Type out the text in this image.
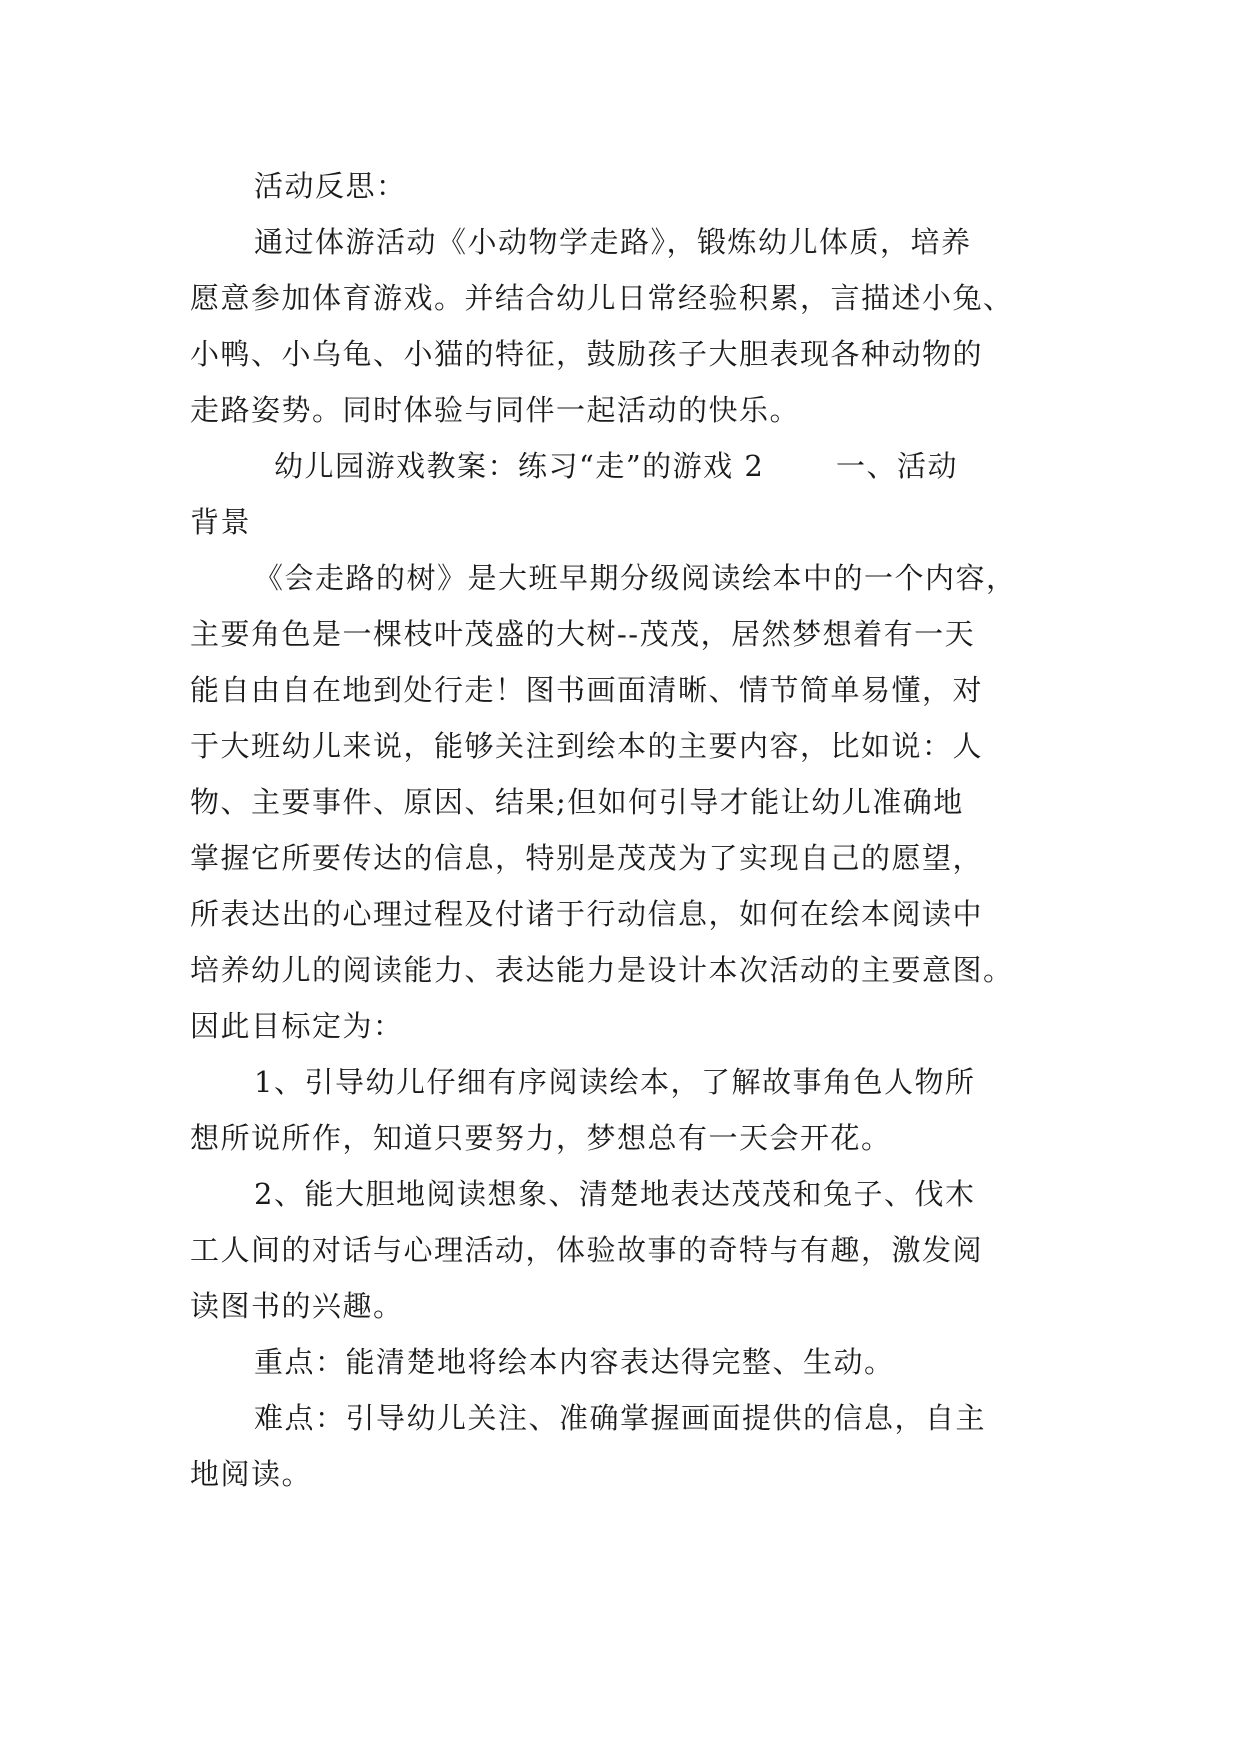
活动反思：
通过体游活动《小动物学走路》，锻炼幼儿体质，培养
愿意参加体育游戏。并结合幼儿日常经验积累，言描述小兔、
小鸭、小乌龟、小猫的特征，鼓励孩子大胆表现各种动物的
走路姿势。同时体验与同伴一起活动的快乐。
幼儿园游戏教案：练习“走”的游戏 2　　 一、活动
背景
《会走路的树》是大班早期分级阅读绘本中的一个内容，
主要角色是一棵枝叶茂盛的大树--茂茂，居然梦想着有一天
能自由自在地到处行走！图书画面清晰、情节简单易懂，对
于大班幼儿来说，能够关注到绘本的主要内容，比如说：人
物、主要事件、原因、结果;但如何引导才能让幼儿准确地
掌握它所要传达的信息，特别是茂茂为了实现自己的愿望，
所表达出的心理过程及付诸于行动信息，如何在绘本阅读中
培养幼儿的阅读能力、表达能力是设计本次活动的主要意图。
因此目标定为：
1、引导幼儿仔细有序阅读绘本，了解故事角色人物所
想所说所作，知道只要努力，梦想总有一天会开花。
2、能大胆地阅读想象、清楚地表达茂茂和兔子、伐木
工人间的对话与心理活动，体验故事的奇特与有趣，激发阅
读图书的兴趣。
重点：能清楚地将绘本内容表达得完整、生动。
难点：引导幼儿关注、准确掌握画面提供的信息，自主
地阅读。
